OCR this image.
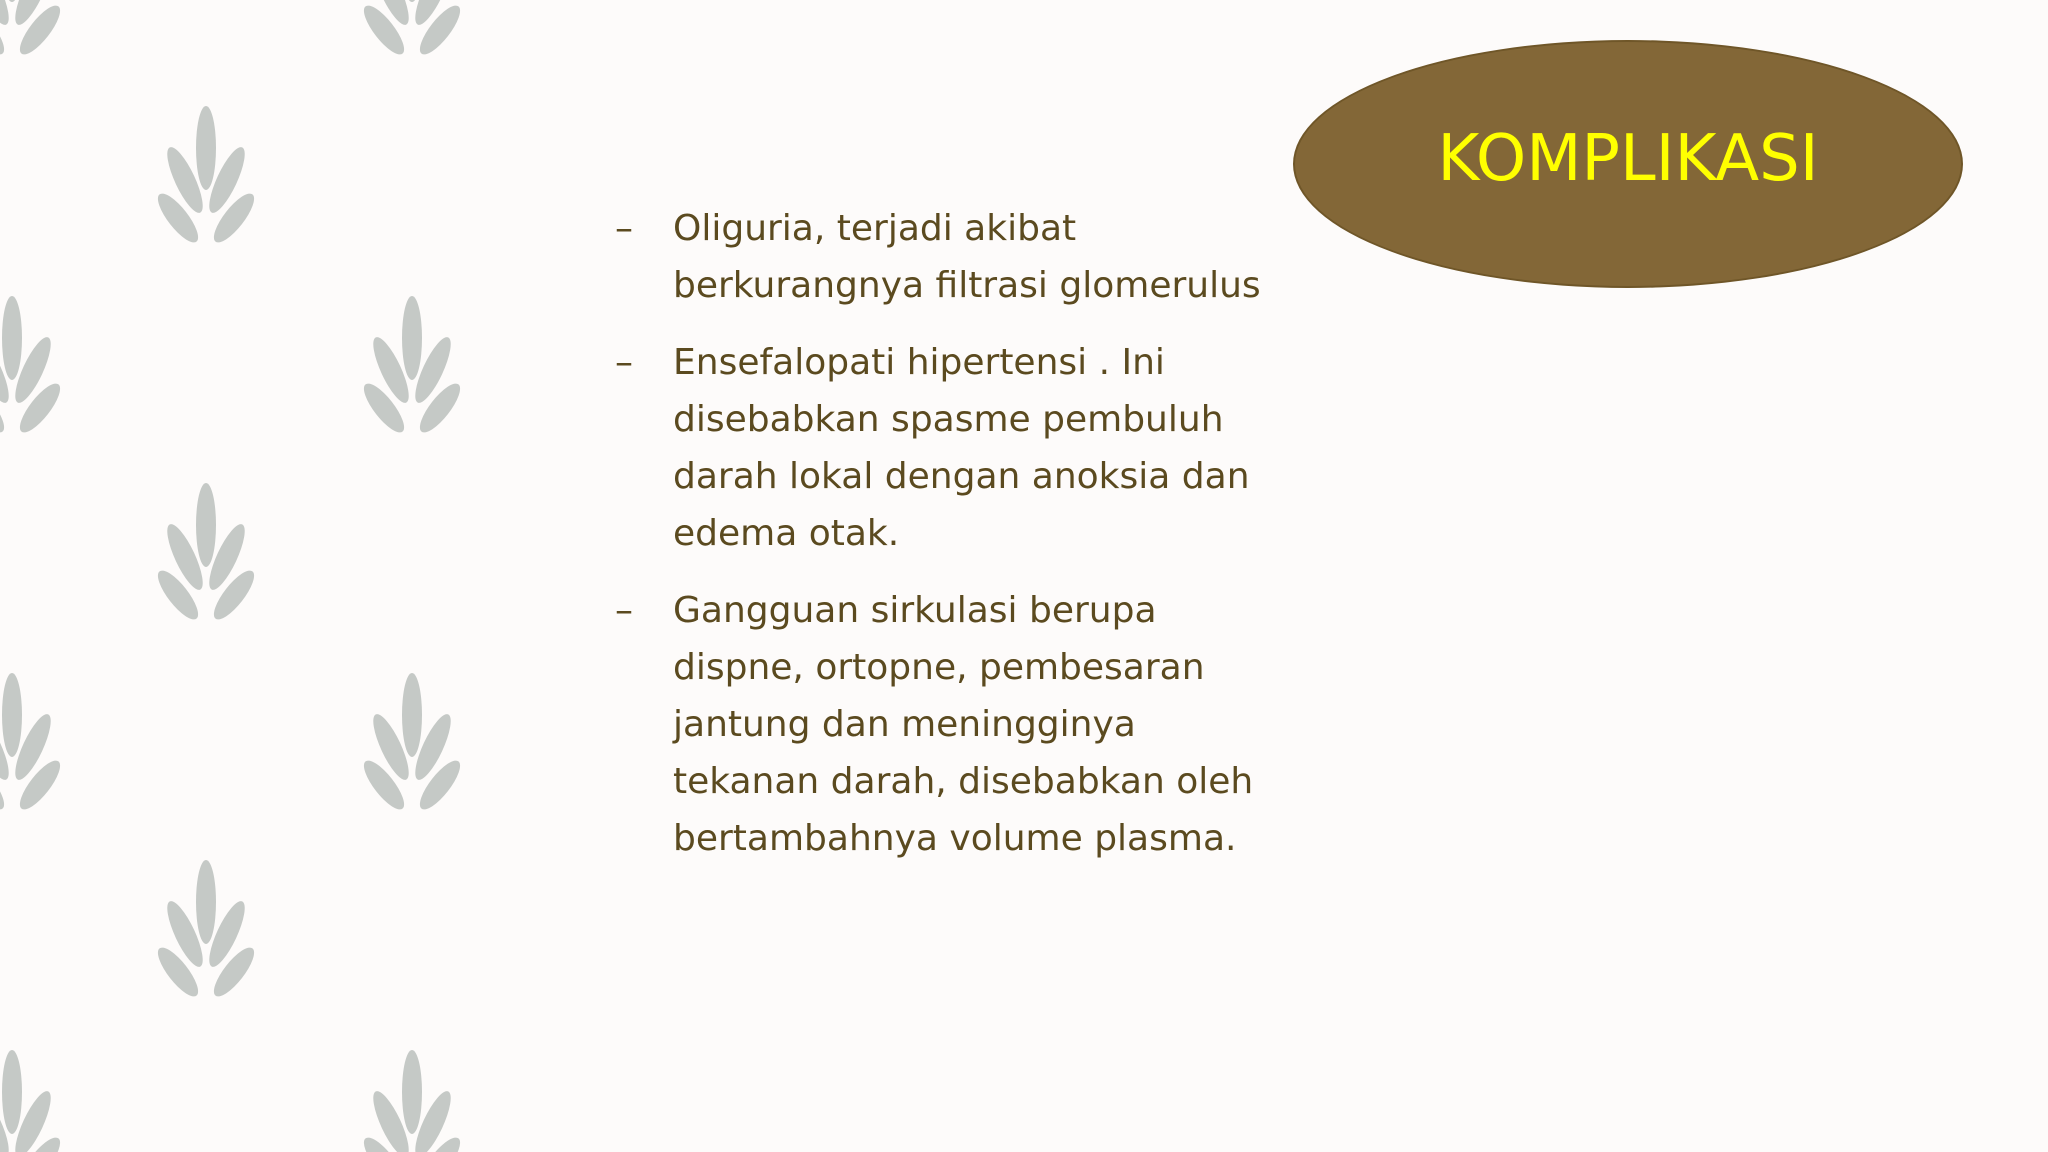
KOMPLIKASI
– Oliguria, terjadi akibat
berkurangnya filtrasi glomerulus
– Ensefalopati hipertensi . Ini
disebabkan spasme pembuluh
darah lokal dengan anoksia dan
edema otak.
– Gangguan sirkulasi berupa
dispne, ortopne, pembesaran
jantung dan meningginya
tekanan darah, disebabkan oleh
bertambahnya volume plasma.
